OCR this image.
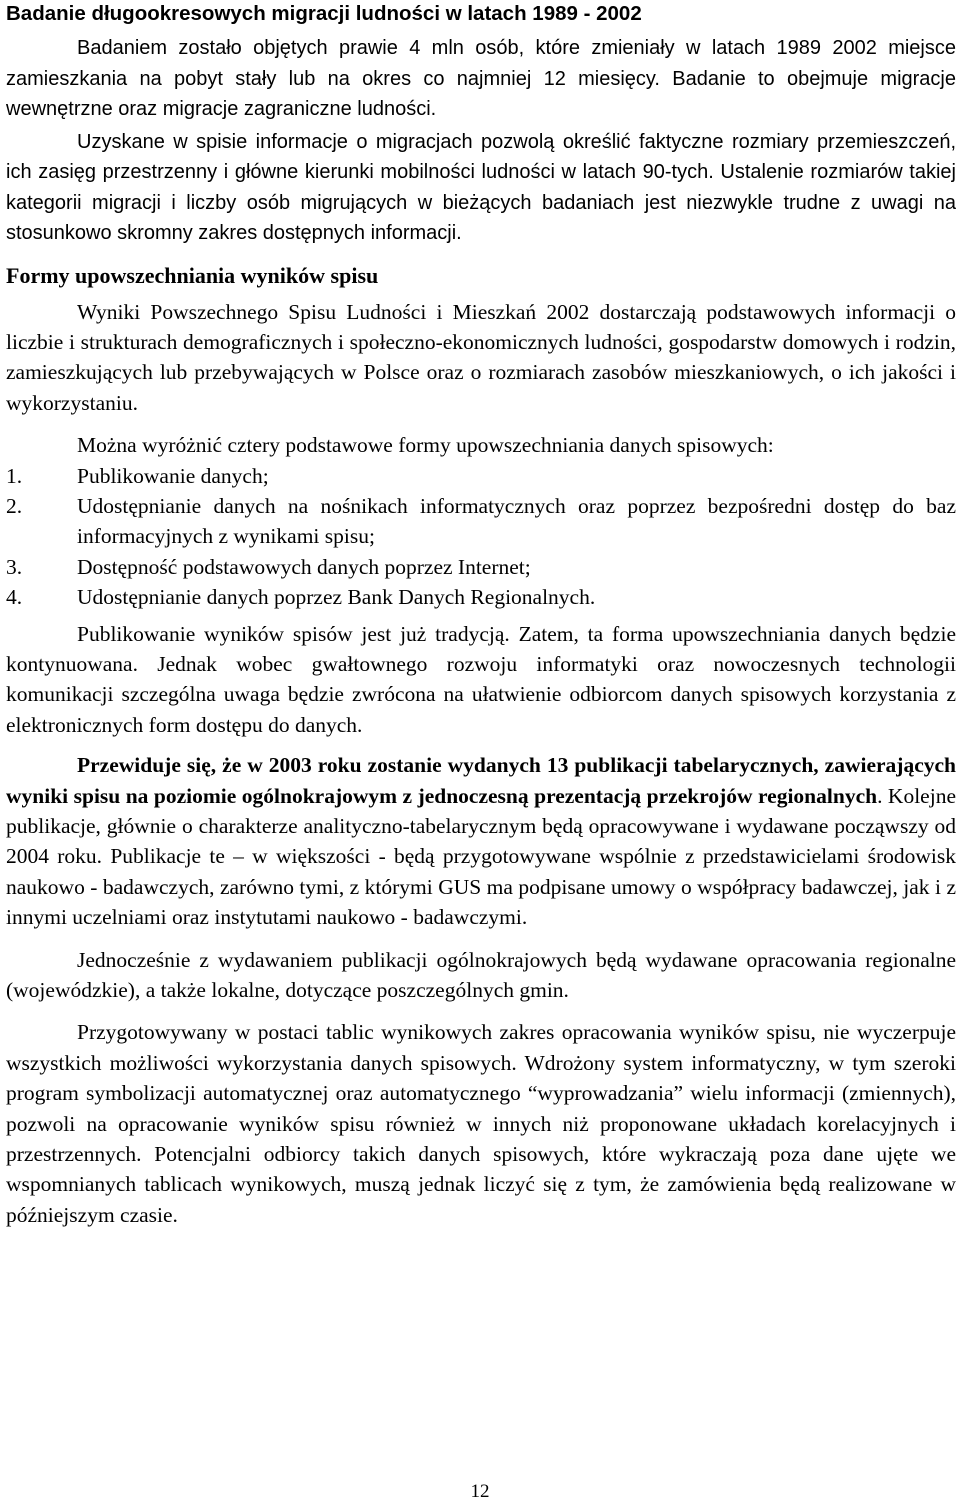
Badanie długookresowych migracji ludności w latach 1989 - 2002

Badaniem zostało objętych prawie 4 mln osób, które zmieniały w latach 1989 2002 miejsce zamieszkania na pobyt stały lub na okres co najmniej 12 miesięcy. Badanie to obejmuje migracje wewnętrzne oraz migracje zagraniczne ludności.

Uzyskane w spisie informacje o migracjach pozwolą określić faktyczne rozmiary przemieszczeń, ich zasięg przestrzenny i główne kierunki mobilności ludności w latach 90-tych. Ustalenie rozmiarów takiej kategorii migracji i liczby osób migrujących w bieżących badaniach jest niezwykle trudne z uwagi na stosunkowo skromny zakres dostępnych informacji.

Formy upowszechniania wyników spisu

Wyniki Powszechnego Spisu Ludności i Mieszkań 2002 dostarczają podstawowych informacji o liczbie i strukturach demograficznych i społeczno-ekonomicznych ludności, gospodarstw domowych i rodzin, zamieszkujących lub przebywających w Polsce oraz o rozmiarach zasobów mieszkaniowych, o ich jakości i wykorzystaniu.

Można wyróżnić cztery podstawowe formy upowszechniania danych spisowych:

1.	Publikowanie danych;
2.	Udostępnianie danych na nośnikach informatycznych oraz poprzez bezpośredni dostęp do baz informacyjnych z wynikami spisu;
3.	Dostępność podstawowych danych poprzez Internet;
4.	Udostępnianie danych poprzez Bank Danych Regionalnych.

Publikowanie wyników spisów jest już tradycją. Zatem, ta forma upowszechniania danych będzie kontynuowana. Jednak wobec gwałtownego rozwoju informatyki oraz nowoczesnych technologii komunikacji szczególna uwaga będzie zwrócona na ułatwienie odbiorcom danych spisowych korzystania z elektronicznych form dostępu do danych.

Przewiduje się, że w 2003 roku zostanie wydanych 13 publikacji tabelarycznych, zawierających wyniki spisu na poziomie ogólnokrajowym z jednoczesną prezentacją przekrojów regionalnych. Kolejne publikacje, głównie o charakterze analityczno-tabelarycznym będą opracowywane i wydawane począwszy od 2004 roku. Publikacje te – w większości - będą przygotowywane wspólnie z przedstawicielami środowisk naukowo - badawczych, zarówno tymi, z którymi GUS ma podpisane umowy o współpracy badawczej, jak i z innymi uczelniami oraz instytutami naukowo - badawczymi.

Jednocześnie z wydawaniem publikacji ogólnokrajowych będą wydawane opracowania regionalne (wojewódzkie), a także lokalne, dotyczące poszczególnych gmin.

Przygotowywany w postaci tablic wynikowych zakres opracowania wyników spisu, nie wyczerpuje wszystkich możliwości wykorzystania danych spisowych. Wdrożony system informatyczny, w tym szeroki program symbolizacji automatycznej oraz automatycznego “wyprowadzania” wielu informacji (zmiennych), pozwoli na opracowanie wyników spisu również w innych niż proponowane układach korelacyjnych i przestrzennych. Potencjalni odbiorcy takich danych spisowych, które wykraczają poza dane ujęte we wspomnianych tablicach wynikowych, muszą jednak liczyć się z tym, że zamówienia będą realizowane w późniejszym czasie.

12
